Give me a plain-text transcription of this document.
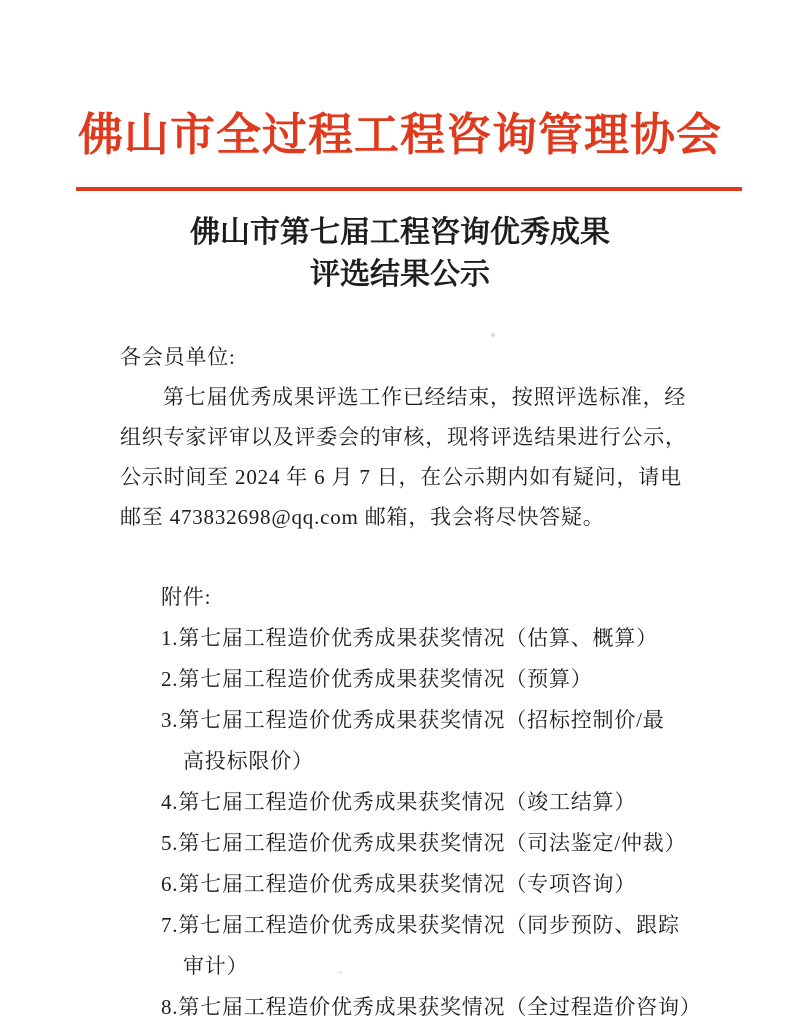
佛山市全过程工程咨询管理协会
佛山市第七届工程咨询优秀成果
评选结果公示
各会员单位:
第七届优秀成果评选工作已经结束，按照评选标准，经
组织专家评审以及评委会的审核，现将评选结果进行公示，
公示时间至 2024 年 6 月 7 日，在公示期内如有疑问，请电
邮至 473832698@qq.com 邮箱，我会将尽快答疑。
附件:
1.第七届工程造价优秀成果获奖情况（估算、概算）
2.第七届工程造价优秀成果获奖情况（预算）
3.第七届工程造价优秀成果获奖情况（招标控制价/最
高投标限价）
4.第七届工程造价优秀成果获奖情况（竣工结算）
5.第七届工程造价优秀成果获奖情况（司法鉴定/仲裁）
6.第七届工程造价优秀成果获奖情况（专项咨询）
7.第七届工程造价优秀成果获奖情况（同步预防、跟踪
审计）
8.第七届工程造价优秀成果获奖情况（全过程造价咨询）
